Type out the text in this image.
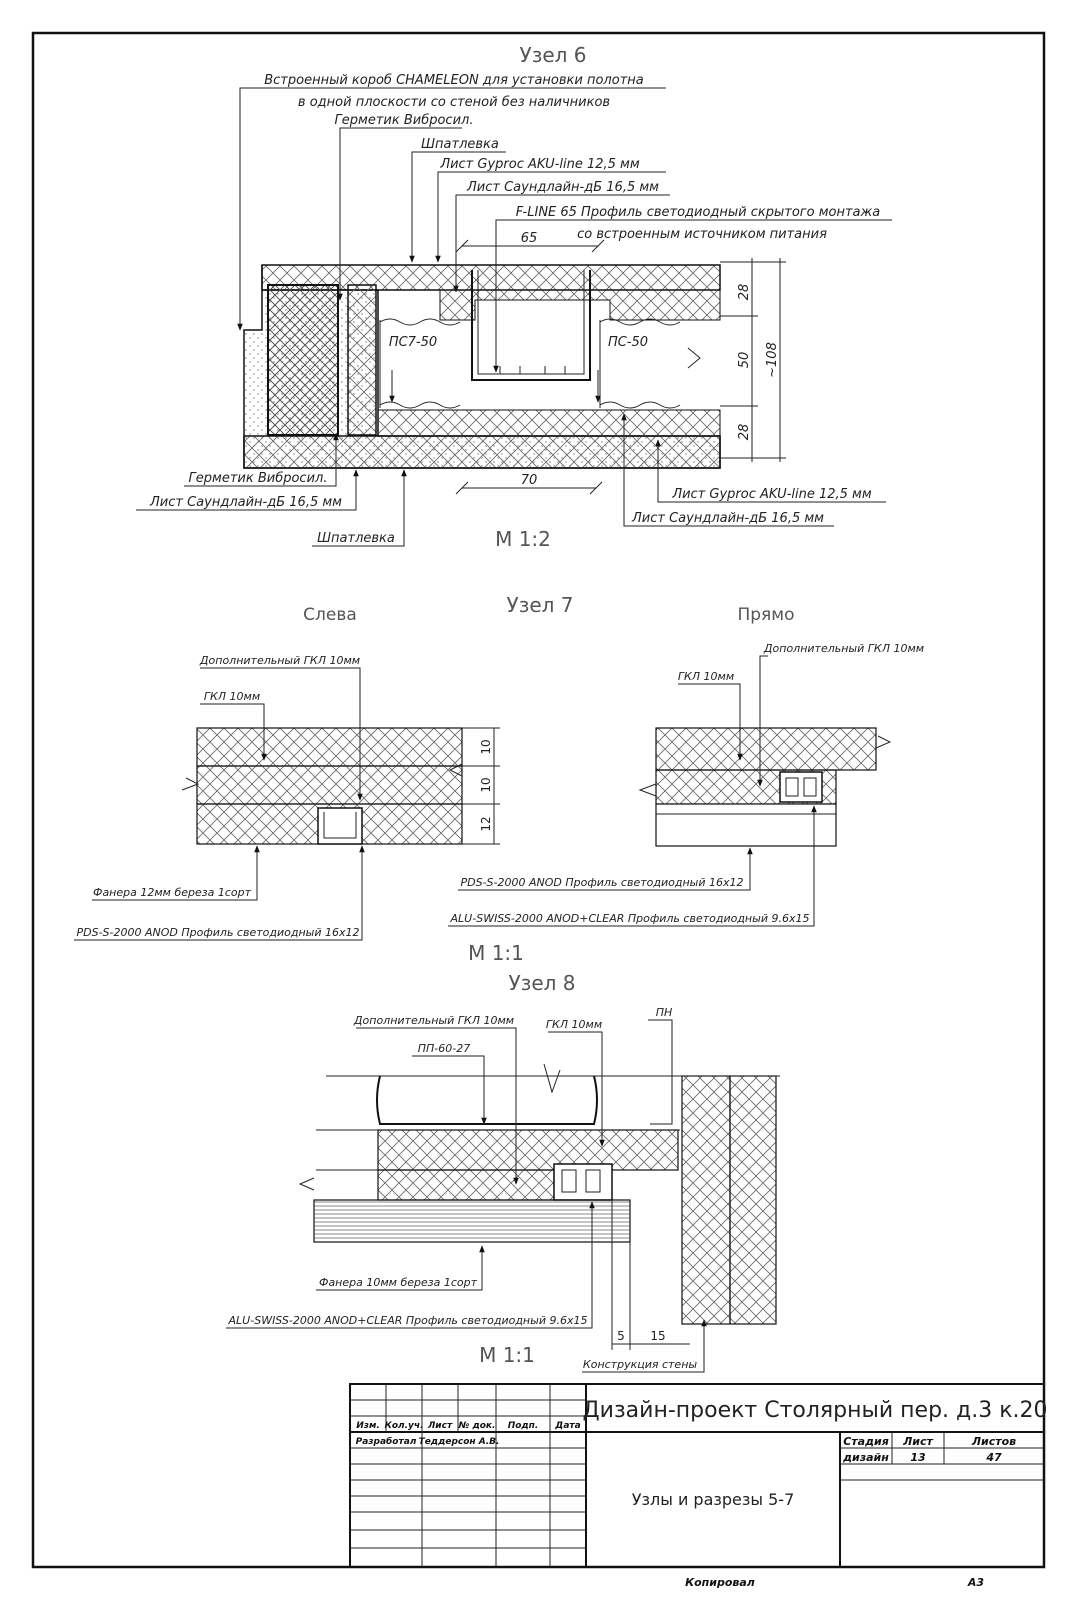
Узел 6
65
70
28
50
28
~108
Встроенный короб CHAMELEON для установки полотна
в одной плоскости со стеной без наличников
Герметик Вибросил.
Шпатлевка
Лист Gyproc AKU-line 12,5 мм
Лист Саундлайн-дБ 16,5 мм
F-LINE 65 Профиль светодиодный скрытого монтажа
со встроенным источником питания
ПС7-50	ПС-50
Герметик Вибросил.
Лист Саундлайн-дБ 16,5 мм
Шпатлевка
Лист Gyproc AKU-line 12,5 мм
Лист Саундлайн-дБ 16,5 мм
М 1:2
Узел 7
Слева	Прямо
10
10
12
Дополнительный ГКЛ 10мм
ГКЛ 10мм
Фанера 12мм береза 1сорт
PDS-S-2000 ANOD Профиль светодиодный 16х12
Дополнительный ГКЛ 10мм
ГКЛ 10мм
PDS-S-2000 ANOD Профиль светодиодный 16х12
ALU-SWISS-2000 ANOD+CLEAR Профиль светодиодный 9.6х15
М 1:1
Узел 8
Дополнительный ГКЛ 10мм
ПП-60-27
ГКЛ 10мм
ПН
Фанера 10мм береза 1сорт
ALU-SWISS-2000 ANOD+CLEAR Профиль светодиодный 9.6х15
Конструкция стены
5 15
М 1:1
Изм. Кол.уч. Лист № док. Подп. Дата
Разработал Теддерсон А.В.
Дизайн-проект Столярный пер. д.3 к.20
Узлы и разрезы 5-7
Стадия Лист	Листов
дизайн 13	47
Копировал	А3
